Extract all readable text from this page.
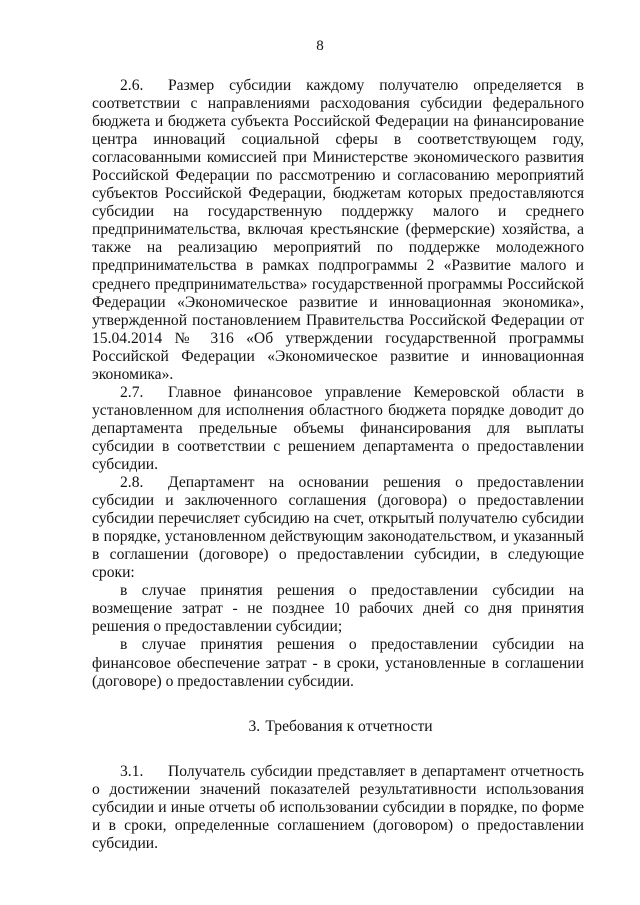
8

2.6. Размер субсидии каждому получателю определяется в соответствии с направлениями расходования субсидии федерального бюджета и бюджета субъекта Российской Федерации на финансирование центра инноваций социальной сферы в соответствующем году, согласованными комиссией при Министерстве экономического развития Российской Федерации по рассмотрению и согласованию мероприятий субъектов Российской Федерации, бюджетам которых предоставляются субсидии на государственную поддержку малого и среднего предпринимательства, включая крестьянские (фермерские) хозяйства, а также на реализацию мероприятий по поддержке молодежного предпринимательства в рамках подпрограммы 2 «Развитие малого и среднего предпринимательства» государственной программы Российской Федерации «Экономическое развитие и инновационная экономика», утвержденной постановлением Правительства Российской Федерации от 15.04.2014 № 316 «Об утверждении государственной программы Российской Федерации «Экономическое развитие и инновационная экономика».

2.7. Главное финансовое управление Кемеровской области в установленном для исполнения областного бюджета порядке доводит до департамента предельные объемы финансирования для выплаты субсидии в соответствии с решением департамента о предоставлении субсидии.

2.8. Департамент на основании решения о предоставлении субсидии и заключенного соглашения (договора) о предоставлении субсидии перечисляет субсидию на счет, открытый получателю субсидии в порядке, установленном действующим законодательством, и указанный в соглашении (договоре) о предоставлении субсидии, в следующие сроки:

в случае принятия решения о предоставлении субсидии на возмещение затрат - не позднее 10 рабочих дней со дня принятия решения о предоставлении субсидии;

в случае принятия решения о предоставлении субсидии на финансовое обеспечение затрат - в сроки, установленные в соглашении (договоре) о предоставлении субсидии.

3. Требования к отчетности

3.1. Получатель субсидии представляет в департамент отчетность о достижении значений показателей результативности использования субсидии и иные отчеты об использовании субсидии в порядке, по форме и в сроки, определенные соглашением (договором) о предоставлении субсидии.
